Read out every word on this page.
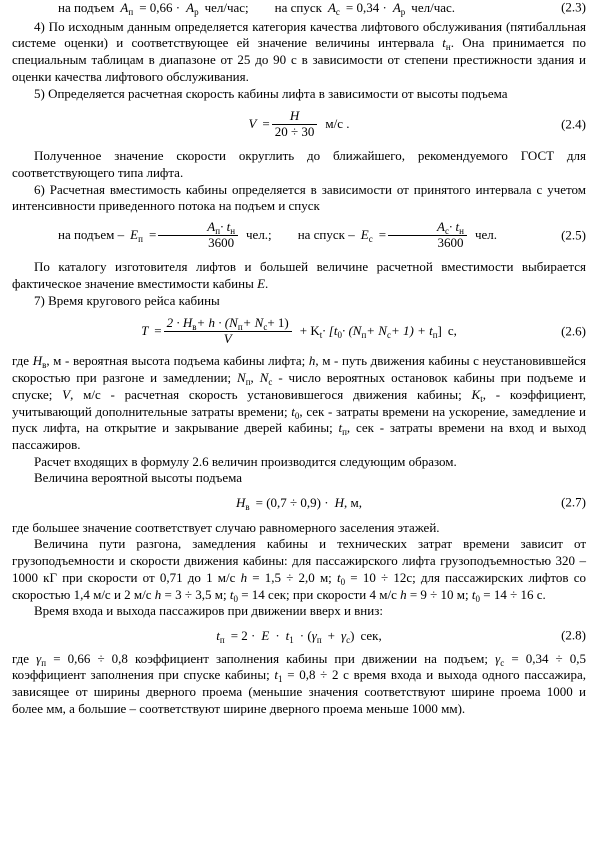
на подъем $A_п = 0,66 \cdot A_р$ чел/час; на спуск $A_с = 0,34 \cdot A_р$ чел/час.	(2.3)

4) По исходным данным определяется категория качества лифтового обслуживания (пятибалльная системе оценки) и соответствующее ей значение величины интервала $t_н$. Она принимается по специальным таблицам в диапазоне от 25 до 90 с в зависимости от степени престижности здания и оценки качества лифтового обслуживания.

5) Определяется расчетная скорость кабины лифта в зависимости от высоты подъема

$V = \frac{H}{20 \div 30} м/с$ .	(2.4)

Полученное значение скорости округлить до ближайшего, рекомендуемого ГОСТ для соответствующего типа лифта.

6) Расчетная вместимость кабины определяется в зависимости от принятого интервала с учетом интенсивности приведенного потока на подъем и спуск

на подъем – $E_п = \frac{A_п\cdot t_н}{3600}$ чел.; на спуск – $E_с = \frac{A_с\cdot t_н}{3600}$ чел.	(2.5)

По каталогу изготовителя лифтов и большей величине расчетной вместимости выбирается фактическое значение вместимости кабины E.

7) Время кругового рейса кабины

$T = \frac{2 \cdot H_в+ h \cdot (N_п+ N_с+ 1)}{V} + K_t\cdot [t_0\cdot (N_п+ N_с+ 1) + t_п]$ с,	(2.6)

где $H_в$, м - вероятная высота подъема кабины лифта; h, м - путь движения кабины с неустановившейся скоростью при разгоне и замедлении; $N_п$, $N_с$ - число вероятных остановок кабины при подъеме и спуске; V, м/с - расчетная скорость установившегося движения кабины; $K_t$, - коэффициент, учитывающий дополнительные затраты времени; $t_0$, сек - затраты времени на ускорение, замедление и пуск лифта, на открытие и закрывание дверей кабины; $t_п$, сек - затраты времени на вход и выход пассажиров.

Расчет входящих в формулу 2.6 величин производится следующим образом.

Величина вероятной высоты подъема

$H_в = (0,7 \div 0,9) \cdot H$, м,	(2.7)

где большее значение соответствует случаю равномерного заселения этажей.

Величина пути разгона, замедления кабины и технических затрат времени зависит от грузоподъемности и скорости движения кабины: для пассажирского лифта грузоподъемностью 320 – 1000 кГ при скорости от 0,71 до 1 м/с h = 1,5 ÷ 2,0 м; $t_0 = 10 \div 12с$; для пассажирских лифтов со скоростью 1,4 м/с и 2 м/с h = 3 ÷ 3,5 м; $t_0 = 14$ сек; при скорости 4 м/с h = 9 ÷ 10 м; $t_0 = 14 \div 16$ с.

Время входа и выхода пассажиров при движении вверх и вниз:

$t_п = 2 \cdot E \cdot t_1 \cdot (\gamma_п + \gamma_с)$ сек,	(2.8)

где $\gamma_п = 0,66 \div 0,8$ коэффициент заполнения кабины при движении на подъем; $\gamma_с = 0,34 \div 0,5$ коэффициент заполнения при спуске кабины; $t_1 = 0,8 \div 2$ с время входа и выхода одного пассажира, зависящее от ширины дверного проема (меньшие значения соответствуют ширине проема 1000 и более мм, а большие – соответствуют ширине дверного проема меньше 1000 мм).
